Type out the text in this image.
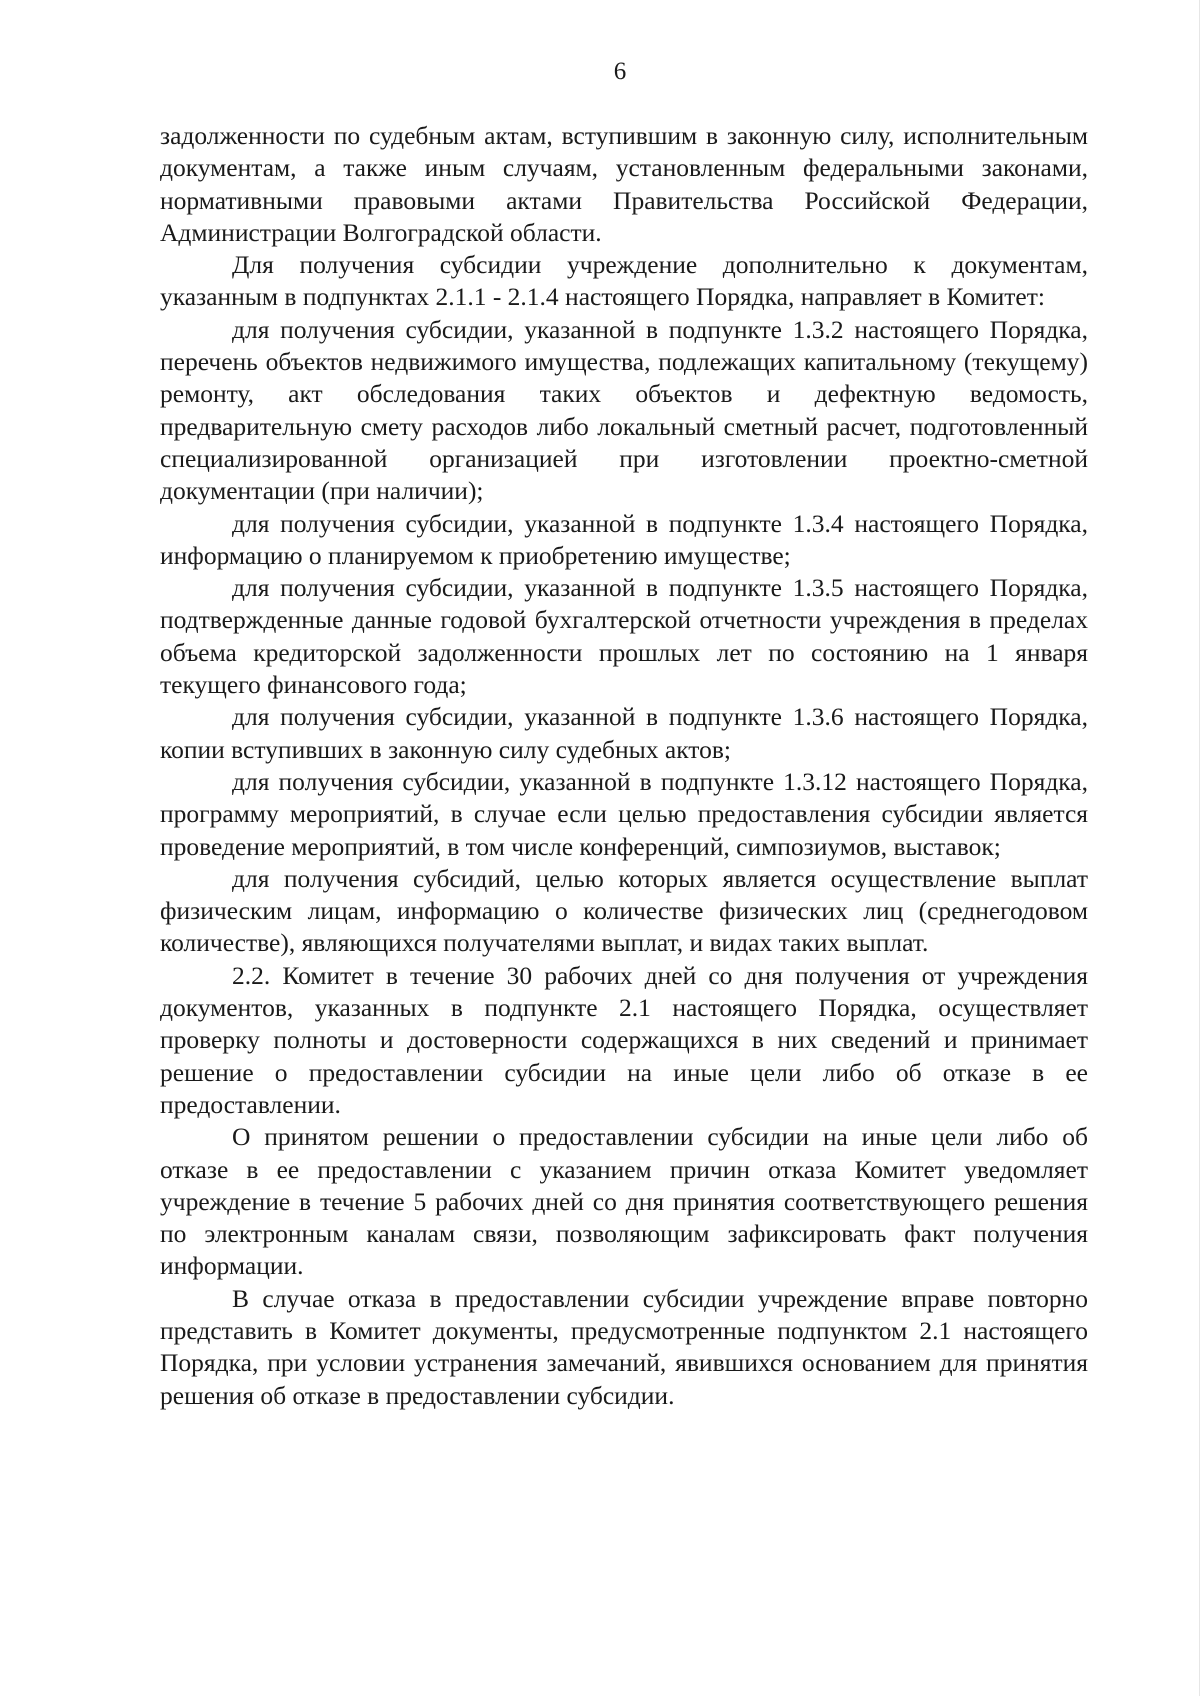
6

задолженности по судебным актам, вступившим в законную силу, исполнительным документам, а также иным случаям, установленным федеральными законами, нормативными правовыми актами Правительства Российской Федерации, Администрации Волгоградской области.

Для получения субсидии учреждение дополнительно к документам, указанным в подпунктах 2.1.1 - 2.1.4 настоящего Порядка, направляет в Комитет:

для получения субсидии, указанной в подпункте 1.3.2 настоящего Порядка, перечень объектов недвижимого имущества, подлежащих капитальному (текущему) ремонту, акт обследования таких объектов и дефектную ведомость, предварительную смету расходов либо локальный сметный расчет, подготовленный специализированной организацией при изготовлении проектно-сметной документации (при наличии);

для получения субсидии, указанной в подпункте 1.3.4 настоящего Порядка, информацию о планируемом к приобретению имуществе;

для получения субсидии, указанной в подпункте 1.3.5 настоящего Порядка, подтвержденные данные годовой бухгалтерской отчетности учреждения в пределах объема кредиторской задолженности прошлых лет по состоянию на 1 января текущего финансового года;

для получения субсидии, указанной в подпункте 1.3.6 настоящего Порядка, копии вступивших в законную силу судебных актов;

для получения субсидии, указанной в подпункте 1.3.12 настоящего Порядка, программу мероприятий, в случае если целью предоставления субсидии является проведение мероприятий, в том числе конференций, симпозиумов, выставок;

для получения субсидий, целью которых является осуществление выплат физическим лицам, информацию о количестве физических лиц (среднегодовом количестве), являющихся получателями выплат, и видах таких выплат.

2.2. Комитет в течение 30 рабочих дней со дня получения от учреждения документов, указанных в подпункте 2.1 настоящего Порядка, осуществляет проверку полноты и достоверности содержащихся в них сведений и принимает решение о предоставлении субсидии на иные цели либо об отказе в ее предоставлении.

О принятом решении о предоставлении субсидии на иные цели либо об отказе в ее предоставлении с указанием причин отказа Комитет уведомляет учреждение в течение 5 рабочих дней со дня принятия соответствующего решения по электронным каналам связи, позволяющим зафиксировать факт получения информации.

В случае отказа в предоставлении субсидии учреждение вправе повторно представить в Комитет документы, предусмотренные подпунктом 2.1 настоящего Порядка, при условии устранения замечаний, явившихся основанием для принятия решения об отказе в предоставлении субсидии.
